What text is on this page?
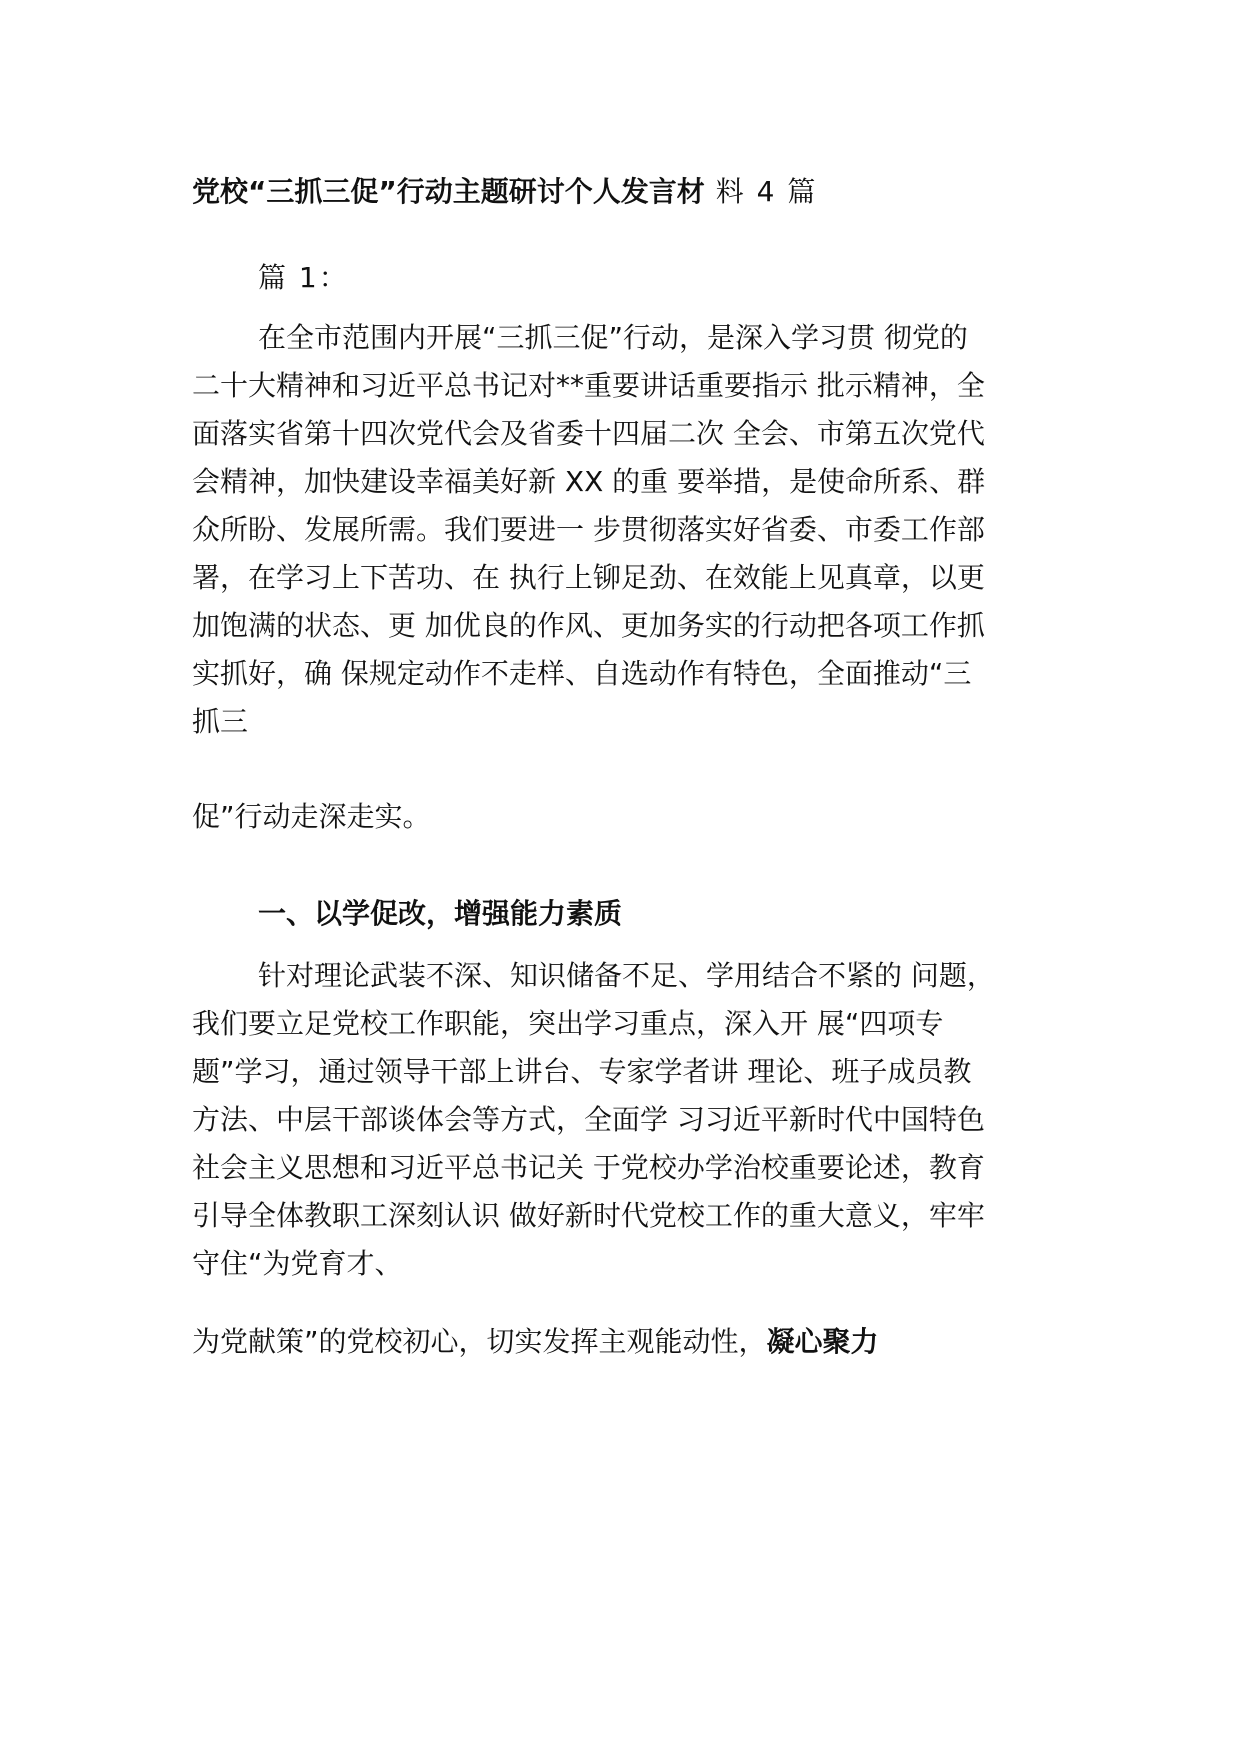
党校“三抓三促”行动主题研讨个人发言材 料 4 篇
篇 1：
在全市范围内开展“三抓三促”行动，是深入学习贯 彻党的
二十大精神和习近平总书记对**重要讲话重要指示 批示精神，全
面落实省第十四次党代会及省委十四届二次 全会、市第五次党代
会精神，加快建设幸福美好新 XX 的重 要举措，是使命所系、群
众所盼、发展所需。我们要进一 步贯彻落实好省委、市委工作部
署，在学习上下苦功、在 执行上铆足劲、在效能上见真章，以更
加饱满的状态、更 加优良的作风、更加务实的行动把各项工作抓
实抓好，确 保规定动作不走样、自选动作有特色，全面推动“三
抓三
促”行动走深走实。
一、以学促改，增强能力素质
针对理论武装不深、知识储备不足、学用结合不紧的 问题，
我们要立足党校工作职能，突出学习重点，深入开 展“四项专
题”学习，通过领导干部上讲台、专家学者讲 理论、班子成员教
方法、中层干部谈体会等方式，全面学 习习近平新时代中国特色
社会主义思想和习近平总书记关 于党校办学治校重要论述，教育
引导全体教职工深刻认识 做好新时代党校工作的重大意义，牢牢
守住“为党育才、
为党献策”的党校初心，切实发挥主观能动性，凝心聚力
